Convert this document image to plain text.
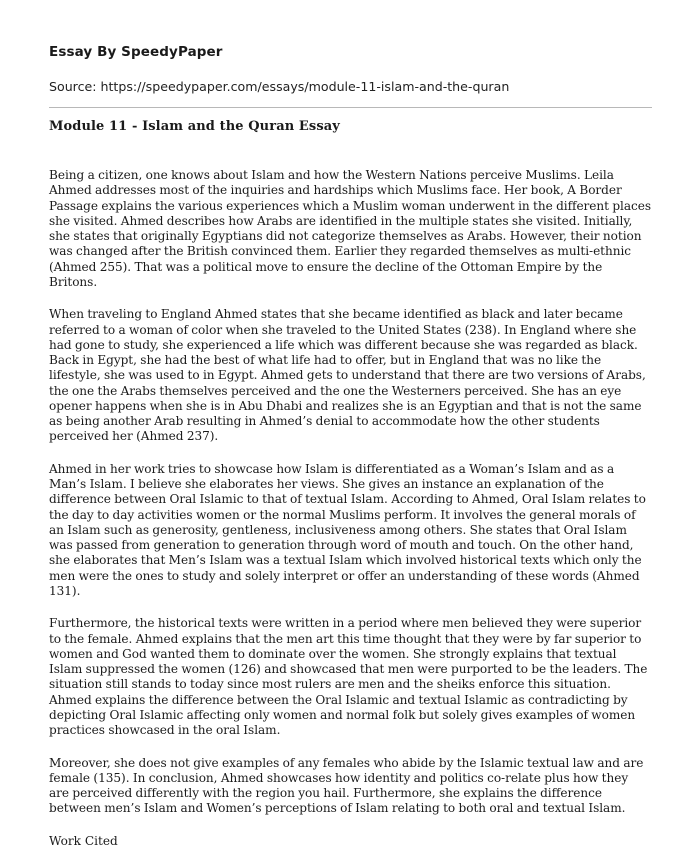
Essay By SpeedyPaper

Source: https://speedypaper.com/essays/module-11-islam-and-the-quran

Module 11 - Islam and the Quran Essay

Being a citizen, one knows about Islam and how the Western Nations perceive Muslims. Leila Ahmed addresses most of the inquiries and hardships which Muslims face. Her book, A Border Passage explains the various experiences which a Muslim woman underwent in the different places she visited. Ahmed describes how Arabs are identified in the multiple states she visited. Initially, she states that originally Egyptians did not categorize themselves as Arabs. However, their notion was changed after the British convinced them. Earlier they regarded themselves as multi-ethnic (Ahmed 255). That was a political move to ensure the decline of the Ottoman Empire by the Britons.

When traveling to England Ahmed states that she became identified as black and later became referred to a woman of color when she traveled to the United States (238). In England where she had gone to study, she experienced a life which was different because she was regarded as black. Back in Egypt, she had the best of what life had to offer, but in England that was no like the lifestyle, she was used to in Egypt. Ahmed gets to understand that there are two versions of Arabs, the one the Arabs themselves perceived and the one the Westerners perceived. She has an eye opener happens when she is in Abu Dhabi and realizes she is an Egyptian and that is not the same as being another Arab resulting in Ahmed’s denial to accommodate how the other students perceived her (Ahmed 237).

Ahmed in her work tries to showcase how Islam is differentiated as a Woman’s Islam and as a Man’s Islam. I believe she elaborates her views. She gives an instance an explanation of the difference between Oral Islamic to that of textual Islam. According to Ahmed, Oral Islam relates to the day to day activities women or the normal Muslims perform. It involves the general morals of an Islam such as generosity, gentleness, inclusiveness among others. She states that Oral Islam was passed from generation to generation through word of mouth and touch. On the other hand, she elaborates that Men’s Islam was a textual Islam which involved historical texts which only the men were the ones to study and solely interpret or offer an understanding of these words (Ahmed 131).

Furthermore, the historical texts were written in a period where men believed they were superior to the female. Ahmed explains that the men art this time thought that they were by far superior to women and God wanted them to dominate over the women. She strongly explains that textual Islam suppressed the women (126) and showcased that men were purported to be the leaders. The situation still stands to today since most rulers are men and the sheiks enforce this situation. Ahmed explains the difference between the Oral Islamic and textual Islamic as contradicting by depicting Oral Islamic affecting only women and normal folk but solely gives examples of women practices showcased in the oral Islam.

Moreover, she does not give examples of any females who abide by the Islamic textual law and are female (135). In conclusion, Ahmed showcases how identity and politics co-relate plus how they are perceived differently with the region you hail. Furthermore, she explains the difference between men’s Islam and Women’s perceptions of Islam relating to both oral and textual Islam.

Work Cited
